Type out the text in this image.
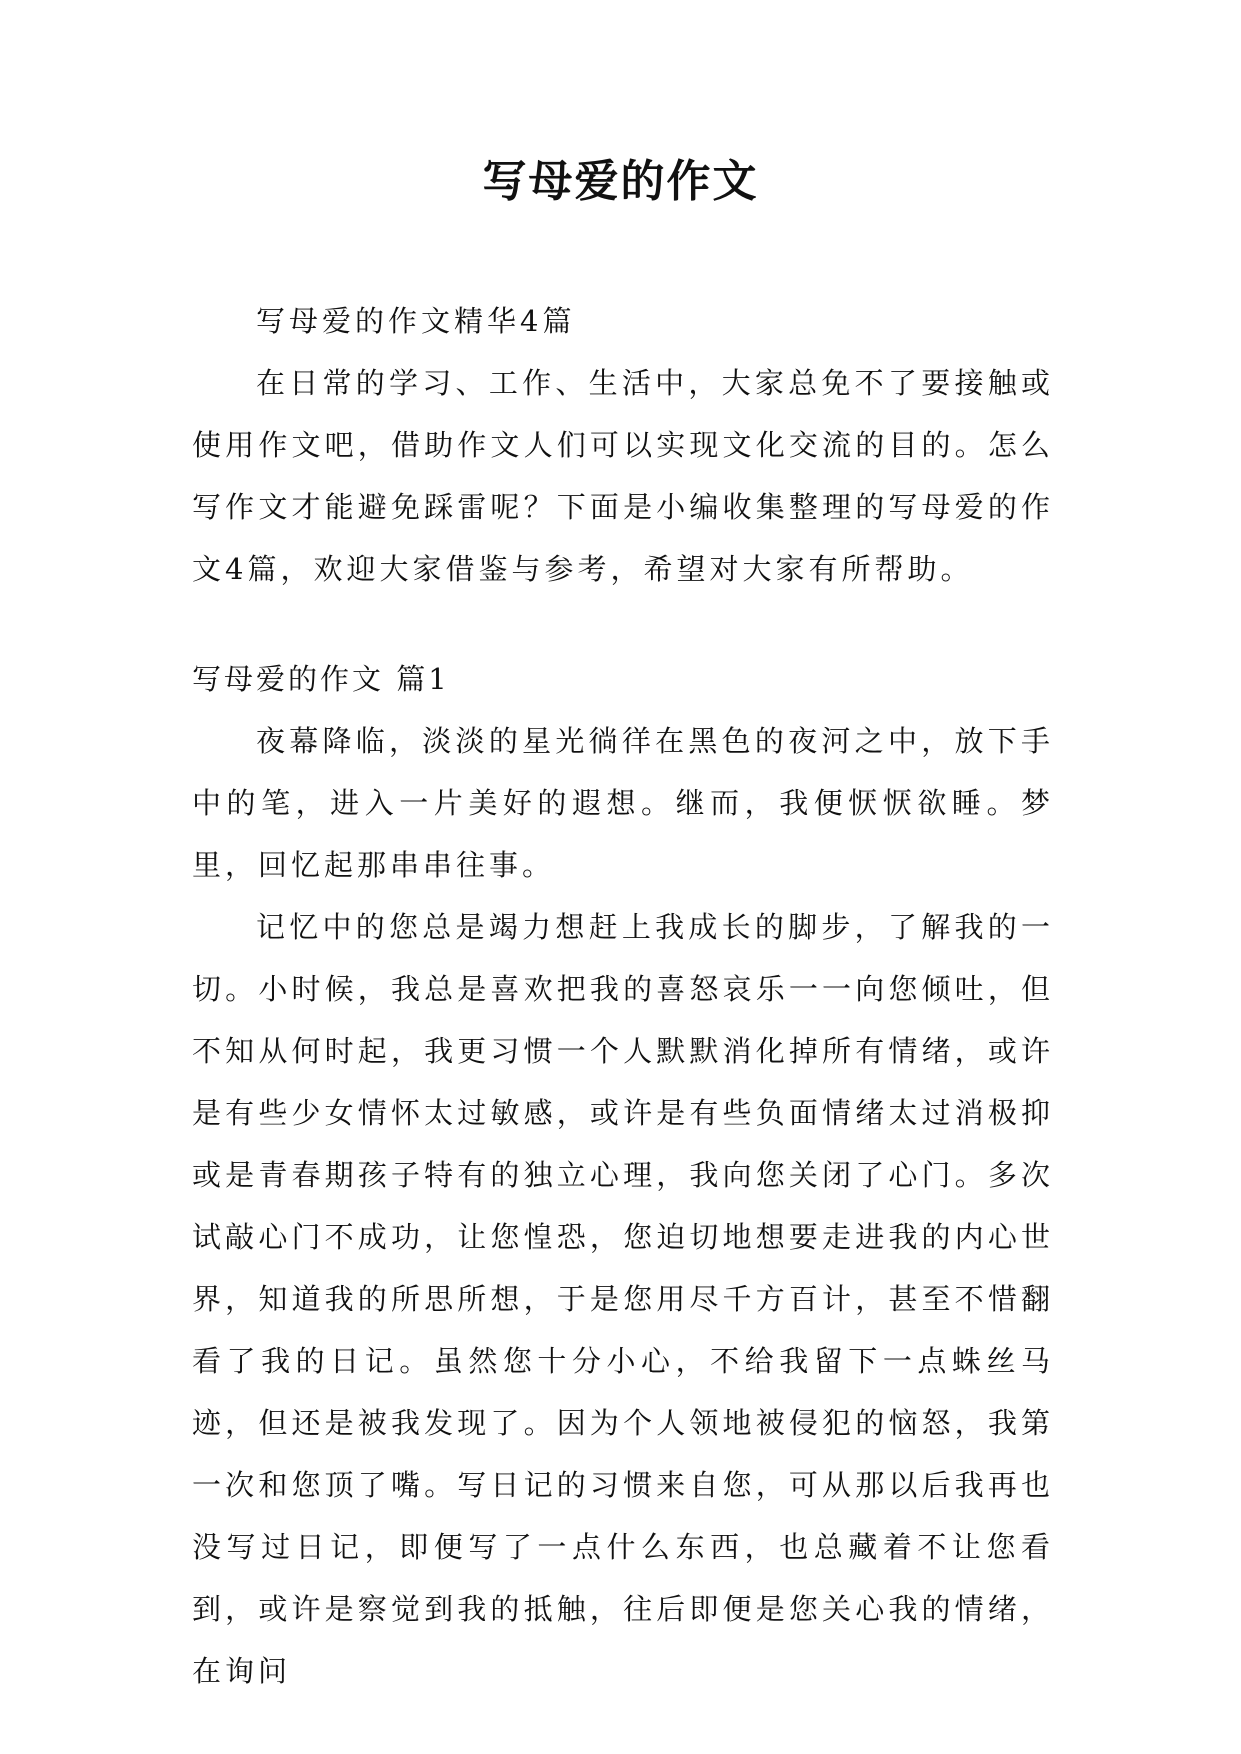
写母爱的作文

写母爱的作文精华4篇

在日常的学习、工作、生活中，大家总免不了要接触或使用作文吧，借助作文人们可以实现文化交流的目的。怎么写作文才能避免踩雷呢？下面是小编收集整理的写母爱的作文4篇，欢迎大家借鉴与参考，希望对大家有所帮助。

写母爱的作文 篇1

夜幕降临，淡淡的星光徜徉在黑色的夜河之中，放下手中的笔，进入一片美好的遐想。继而，我便恹恹欲睡。梦里，回忆起那串串往事。

记忆中的您总是竭力想赶上我成长的脚步，了解我的一切。小时候，我总是喜欢把我的喜怒哀乐一一向您倾吐，但不知从何时起，我更习惯一个人默默消化掉所有情绪，或许是有些少女情怀太过敏感，或许是有些负面情绪太过消极抑或是青春期孩子特有的独立心理，我向您关闭了心门。多次试敲心门不成功，让您惶恐，您迫切地想要走进我的内心世界，知道我的所思所想，于是您用尽千方百计，甚至不惜翻看了我的日记。虽然您十分小心，不给我留下一点蛛丝马迹，但还是被我发现了。因为个人领地被侵犯的恼怒，我第一次和您顶了嘴。写日记的习惯来自您，可从那以后我再也没写过日记，即便写了一点什么东西，也总藏着不让您看到，或许是察觉到我的抵触，往后即便是您关心我的情绪，在询问
